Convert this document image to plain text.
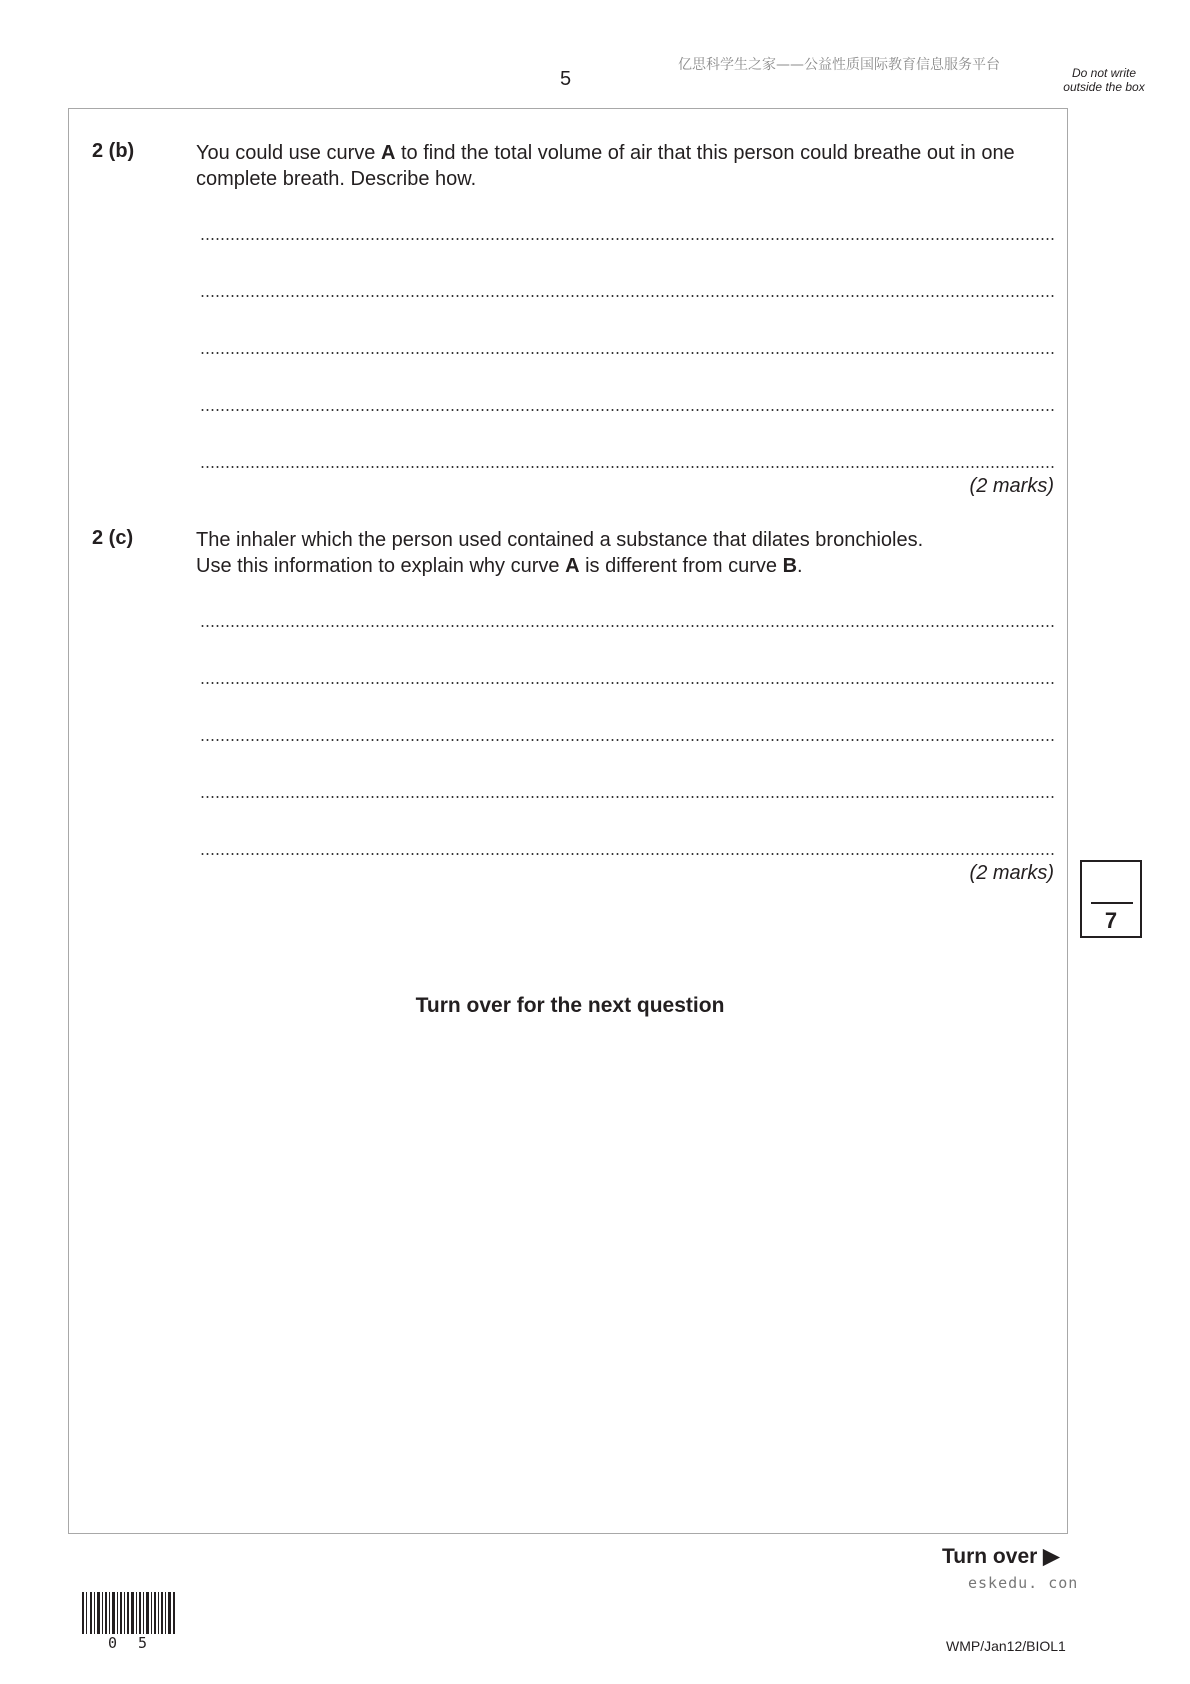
亿思科学生之家——公益性质国际教育信息服务平台
5	Do not write outside the box
2 (b)	You could use curve A to find the total volume of air that this person could breathe out in one complete breath. Describe how.
(2 marks)
2 (c)	The inhaler which the person used contained a substance that dilates bronchioles.
Use this information to explain why curve A is different from curve B.
(2 marks)
7
Turn over for the next question
Turn over ▶
eskedu. con
WMP/Jan12/BIOL1
0 5
